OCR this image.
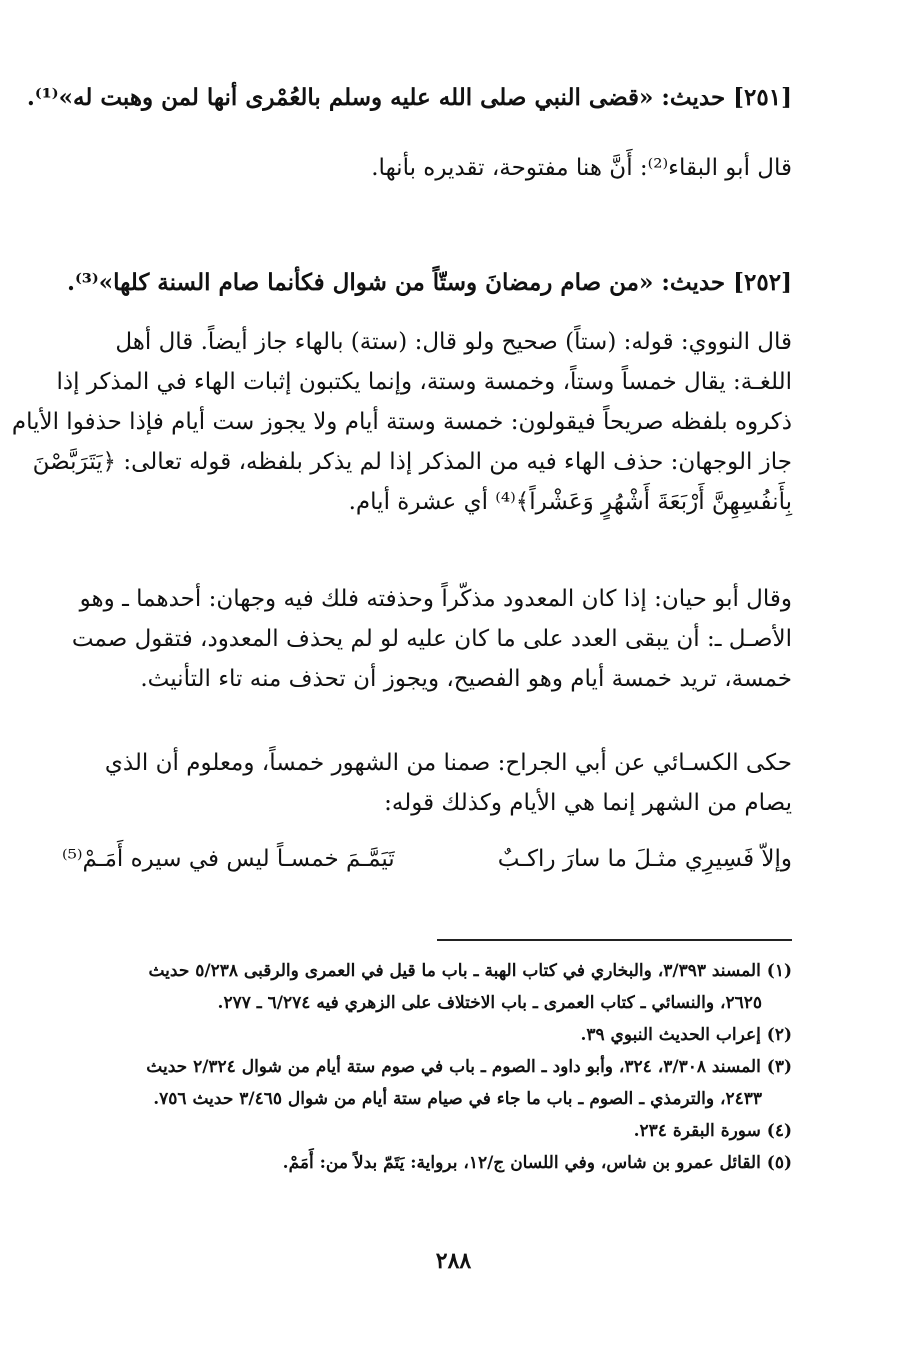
[٢٥١] حديث: «قضى النبي صلى الله عليه وسلم بالعُمْرى أنها لمن وهبت له»⁽¹⁾.
قال أبو البقاء⁽²⁾: أَنَّ هنا مفتوحة، تقديره بأنها.
[٢٥٢] حديث: «من صام رمضانَ وستّاً من شوال فكأنما صام السنة كلها»⁽³⁾.
قال النووي: قوله: (ستاً) صحيح ولو قال: (ستة) بالهاء جاز أيضاً. قال أهل
اللغـة: يقال خمساً وستاً، وخمسة وستة، وإنما يكتبون إثبات الهاء في المذكر إذا
ذكروه بلفظه صريحاً فيقولون: خمسة وستة أيام ولا يجوز ست أيام فإذا حذفوا الأيام
جاز الوجهان: حذف الهاء فيه من المذكر إذا لم يذكر بلفظه، قوله تعالى: ﴿يَتَرَبَّصْنَ
بِأَنفُسِهِنَّ أَرْبَعَةَ أَشْهُرٍ وَعَشْراً﴾⁽⁴⁾ أي عشرة أيام.
وقال أبو حيان: إذا كان المعدود مذكّراً وحذفته فلك فيه وجهان: أحدهما ـ وهو
الأصـل ـ: أن يبقى العدد على ما كان عليه لو لم يحذف المعدود، فتقول صمت
خمسة، تريد خمسة أيام وهو الفصيح، ويجوز أن تحذف منه تاء التأنيث.
حكى الكسـائي عن أبي الجراح: صمنا من الشهور خمساً، ومعلوم أن الذي
يصام من الشهر إنما هي الأيام وكذلك قوله:
وإلاّ فَسِيرِي مثـلَ ما سارَ راكـبٌ
تَيَمَّـمَ خمسـاً ليس في سيره أَمَـمْ⁽⁵⁾
(١) المسند ٣/٣٩٣، والبخاري في كتاب الهبة ـ باب ما قيل في العمرى والرقبى ٥/٢٣٨ حديث
٢٦٢٥، والنسائي ـ كتاب العمرى ـ باب الاختلاف على الزهري فيه ٦/٢٧٤ ـ ٢٧٧.
(٢) إعراب الحديث النبوي ٣٩.
(٣) المسند ٣/٣٠٨، ٣٢٤، وأبو داود ـ الصوم ـ باب في صوم ستة أيام من شوال ٢/٣٢٤ حديث
٢٤٣٣، والترمذي ـ الصوم ـ باب ما جاء في صيام ستة أيام من شوال ٣/٤٦٥ حديث ٧٥٦.
(٤) سورة البقرة ٢٣٤.
(٥) القائل عمرو بن شاس، وفي اللسان ج/١٢، برواية: يَتَمّ بدلاً من: أَمَمْ.
٢٨٨
